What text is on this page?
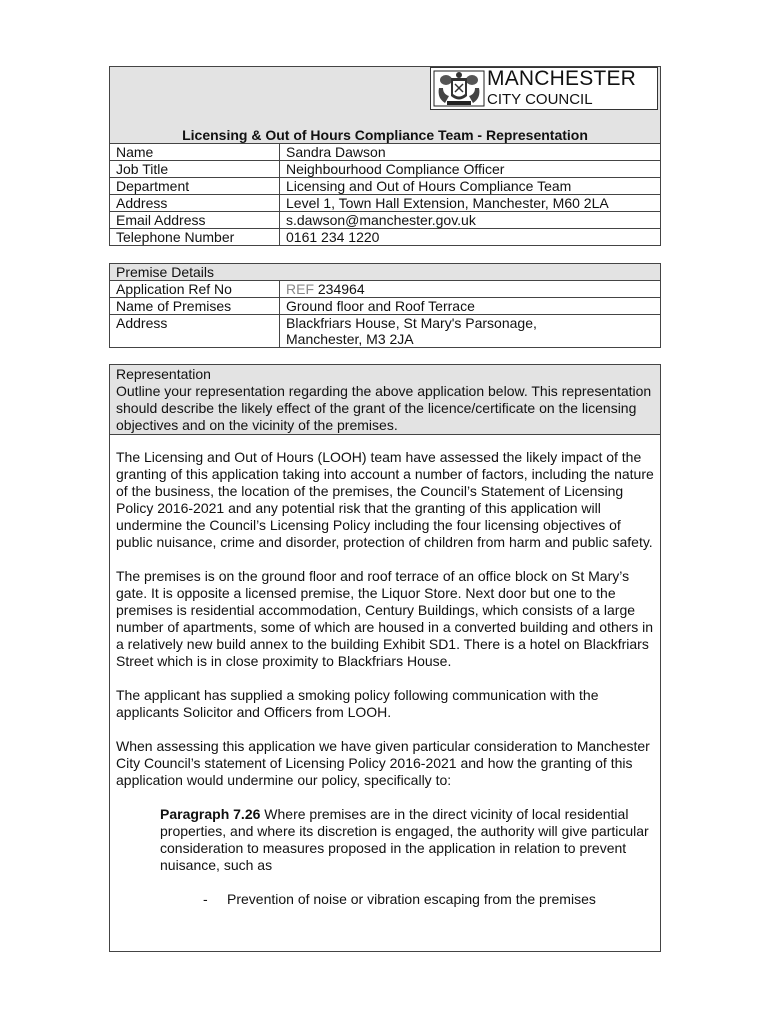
MANCHESTER
CITY COUNCIL
Licensing & Out of Hours Compliance Team - Representation
Name	Sandra Dawson
Job Title	Neighbourhood Compliance Officer
Department	Licensing and Out of Hours Compliance Team
Address	Level 1, Town Hall Extension, Manchester, M60 2LA
Email Address	s.dawson@manchester.gov.uk
Telephone Number	0161 234 1220
Premise Details	
Application Ref No	REF 234964
Name of Premises	Ground floor and Roof Terrace
Address	Blackfriars House, St Mary's Parsonage,
Manchester, M3 2JA
Representation
Outline your representation regarding the above application below. This representation should describe the likely effect of the grant of the licence/certificate on the licensing objectives and on the vicinity of the premises.

The Licensing and Out of Hours (LOOH) team have assessed the likely impact of the granting of this application taking into account a number of factors, including the nature of the business, the location of the premises, the Council’s Statement of Licensing Policy 2016-2021 and any potential risk that the granting of this application will undermine the Council’s Licensing Policy including the four licensing objectives of public nuisance, crime and disorder, protection of children from harm and public safety.

The premises is on the ground floor and roof terrace of an office block on St Mary’s gate. It is opposite a licensed premise, the Liquor Store. Next door but one to the premises is residential accommodation, Century Buildings, which consists of a large number of apartments, some of which are housed in a converted building and others in a relatively new build annex to the building Exhibit SD1. There is a hotel on Blackfriars Street which is in close proximity to Blackfriars House.

The applicant has supplied a smoking policy following communication with the applicants Solicitor and Officers from LOOH.

When assessing this application we have given particular consideration to Manchester City Council’s statement of Licensing Policy 2016-2021 and how the granting of this application would undermine our policy, specifically to:

Paragraph 7.26 Where premises are in the direct vicinity of local residential properties, and where its discretion is engaged, the authority will give particular consideration to measures proposed in the application in relation to prevent nuisance, such as

-	Prevention of noise or vibration escaping from the premises
